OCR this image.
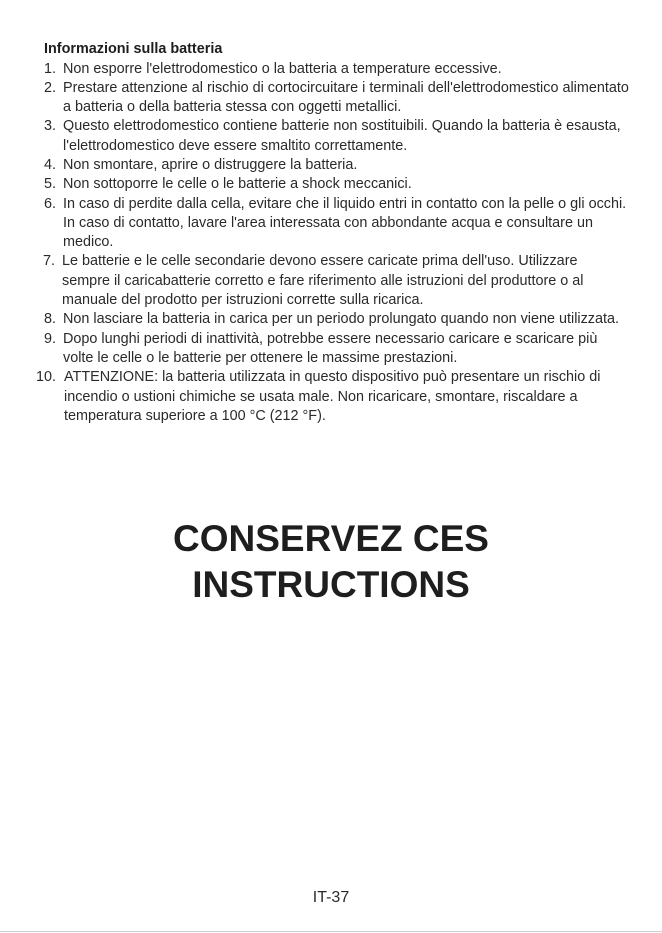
Informazioni sulla batteria
1. Non esporre l'elettrodomestico o la batteria a temperature eccessive.
2. Prestare attenzione al rischio di cortocircuitare i terminali dell'elettrodomestico alimentato a batteria o della batteria stessa con oggetti metallici.
3. Questo elettrodomestico contiene batterie non sostituibili. Quando la batteria è esausta, l'elettrodomestico deve essere smaltito correttamente.
4. Non smontare, aprire o distruggere la batteria.
5. Non sottoporre le celle o le batterie a shock meccanici.
6. In caso di perdite dalla cella, evitare che il liquido entri in contatto con la pelle o gli occhi. In caso di contatto, lavare l'area interessata con abbondante acqua e consultare un medico.
7. Le batterie e le celle secondarie devono essere caricate prima dell'uso. Utilizzare sempre il caricabatterie corretto e fare riferimento alle istruzioni del produttore o al manuale del prodotto per istruzioni corrette sulla ricarica.
8. Non lasciare la batteria in carica per un periodo prolungato quando non viene utilizzata.
9. Dopo lunghi periodi di inattività, potrebbe essere necessario caricare e scaricare più volte le celle o le batterie per ottenere le massime prestazioni.
10. ATTENZIONE: la batteria utilizzata in questo dispositivo può presentare un rischio di incendio o ustioni chimiche se usata male. Non ricaricare, smontare, riscaldare a temperatura superiore a 100 °C (212 °F).
CONSERVEZ CES
INSTRUCTIONS
IT-37
